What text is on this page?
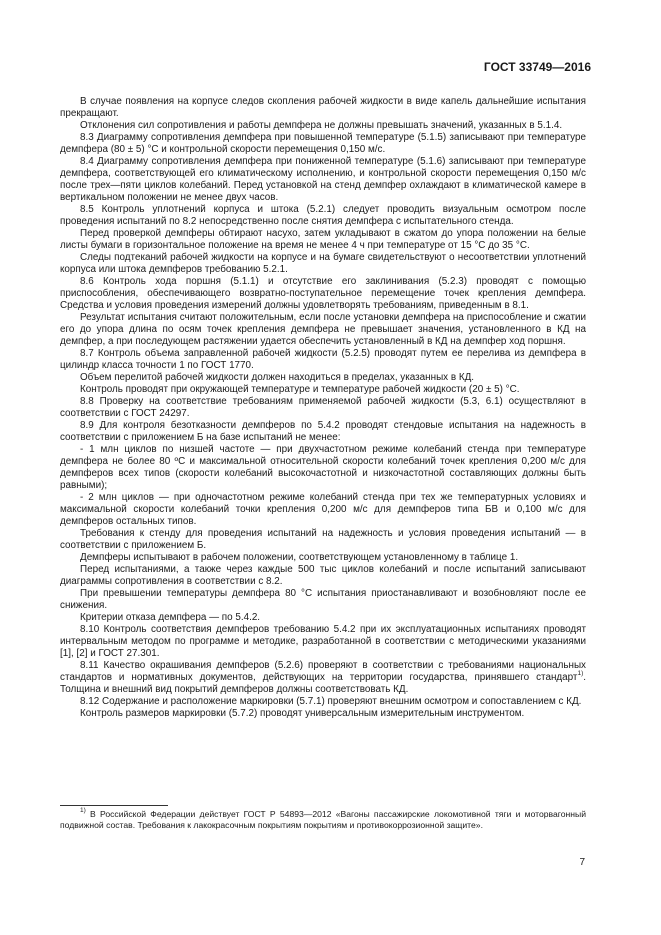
ГОСТ 33749—2016

В случае появления на корпусе следов скопления рабочей жидкости в виде капель дальнейшие испытания прекращают.

Отклонения сил сопротивления и работы демпфера не должны превышать значений, указанных в 5.1.4.

8.3 Диаграмму сопротивления демпфера при повышенной температуре (5.1.5) записывают при температуре демпфера (80 ± 5) °С и контрольной скорости перемещения 0,150 м/с.

8.4 Диаграмму сопротивления демпфера при пониженной температуре (5.1.6) записывают при температуре демпфера, соответствующей его климатическому исполнению, и контрольной скорости перемещения 0,150 м/с после трех—пяти циклов колебаний. Перед установкой на стенд демпфер охлаждают в климатической камере в вертикальном положении не менее двух часов.

8.5 Контроль уплотнений корпуса и штока (5.2.1) следует проводить визуальным осмотром после проведения испытаний по 8.2 непосредственно после снятия демпфера с испытательного стенда.

Перед проверкой демпферы обтирают насухо, затем укладывают в сжатом до упора положении на белые листы бумаги в горизонтальное положение на время не менее 4 ч при температуре от 15 °С до 35 °С.

Следы подтеканий рабочей жидкости на корпусе и на бумаге свидетельствуют о несоответствии уплотнений корпуса или штока демпферов требованию 5.2.1.

8.6 Контроль хода поршня (5.1.1) и отсутствие его заклинивания (5.2.3) проводят с помощью приспособления, обеспечивающего возвратно-поступательное перемещение точек крепления демпфера. Средства и условия проведения измерений должны удовлетворять требованиям, приведенным в 8.1.

Результат испытания считают положительным, если после установки демпфера на приспособление и сжатии его до упора длина по осям точек крепления демпфера не превышает значения, установленного в КД на демпфер, а при последующем растяжении удается обеспечить установленный в КД на демпфер ход поршня.

8.7 Контроль объема заправленной рабочей жидкости (5.2.5) проводят путем ее перелива из демпфера в цилиндр класса точности 1 по ГОСТ 1770.

Объем перелитой рабочей жидкости должен находиться в пределах, указанных в КД.

Контроль проводят при окружающей температуре и температуре рабочей жидкости (20 ± 5) °С.

8.8 Проверку на соответствие требованиям применяемой рабочей жидкости (5.3, 6.1) осуществляют в соответствии с ГОСТ 24297.

8.9 Для контроля безотказности демпферов по 5.4.2 проводят стендовые испытания на надежность в соответствии с приложением Б на базе испытаний не менее:

- 1 млн циклов по низшей частоте — при двухчастотном режиме колебаний стенда при температуре демпфера не более 80 ºС и максимальной относительной скорости колебаний точек крепления 0,200 м/с для демпферов всех типов (скорости колебаний высокочастотной и низкочастотной составляющих должны быть равными);

- 2 млн циклов — при одночастотном режиме колебаний стенда при тех же температурных условиях и максимальной скорости колебаний точки крепления 0,200 м/с для демпферов типа БВ и 0,100 м/с для демпферов остальных типов.

Требования к стенду для проведения испытаний на надежность и условия проведения испытаний — в соответствии с приложением Б.

Демпферы испытывают в рабочем положении, соответствующем установленному в таблице 1.

Перед испытаниями, а также через каждые 500 тыс циклов колебаний и после испытаний записывают диаграммы сопротивления в соответствии с 8.2.

При превышении температуры демпфера 80 °С испытания приостанавливают и возобновляют после ее снижения.

Критерии отказа демпфера — по 5.4.2.

8.10 Контроль соответствия демпферов требованию 5.4.2 при их эксплуатационных испытаниях проводят интервальным методом по программе и методике, разработанной в соответствии с методическими указаниями [1], [2] и ГОСТ 27.301.

8.11 Качество окрашивания демпферов (5.2.6) проверяют в соответствии с требованиями национальных стандартов и нормативных документов, действующих на территории государства, принявшего стандарт$^{1)}$. Толщина и внешний вид покрытий демпферов должны соответствовать КД.

8.12 Содержание и расположение маркировки (5.7.1) проверяют внешним осмотром и сопоставлением с КД.

Контроль размеров маркировки (5.7.2) проводят универсальным измерительным инструментом.

$^{1)}$ В Российской Федерации действует ГОСТ Р 54893—2012 «Вагоны пассажирские локомотивной тяги и моторвагонный подвижной состав. Требования к лакокрасочным покрытиям покрытиям и противокоррозионной защите».

7
